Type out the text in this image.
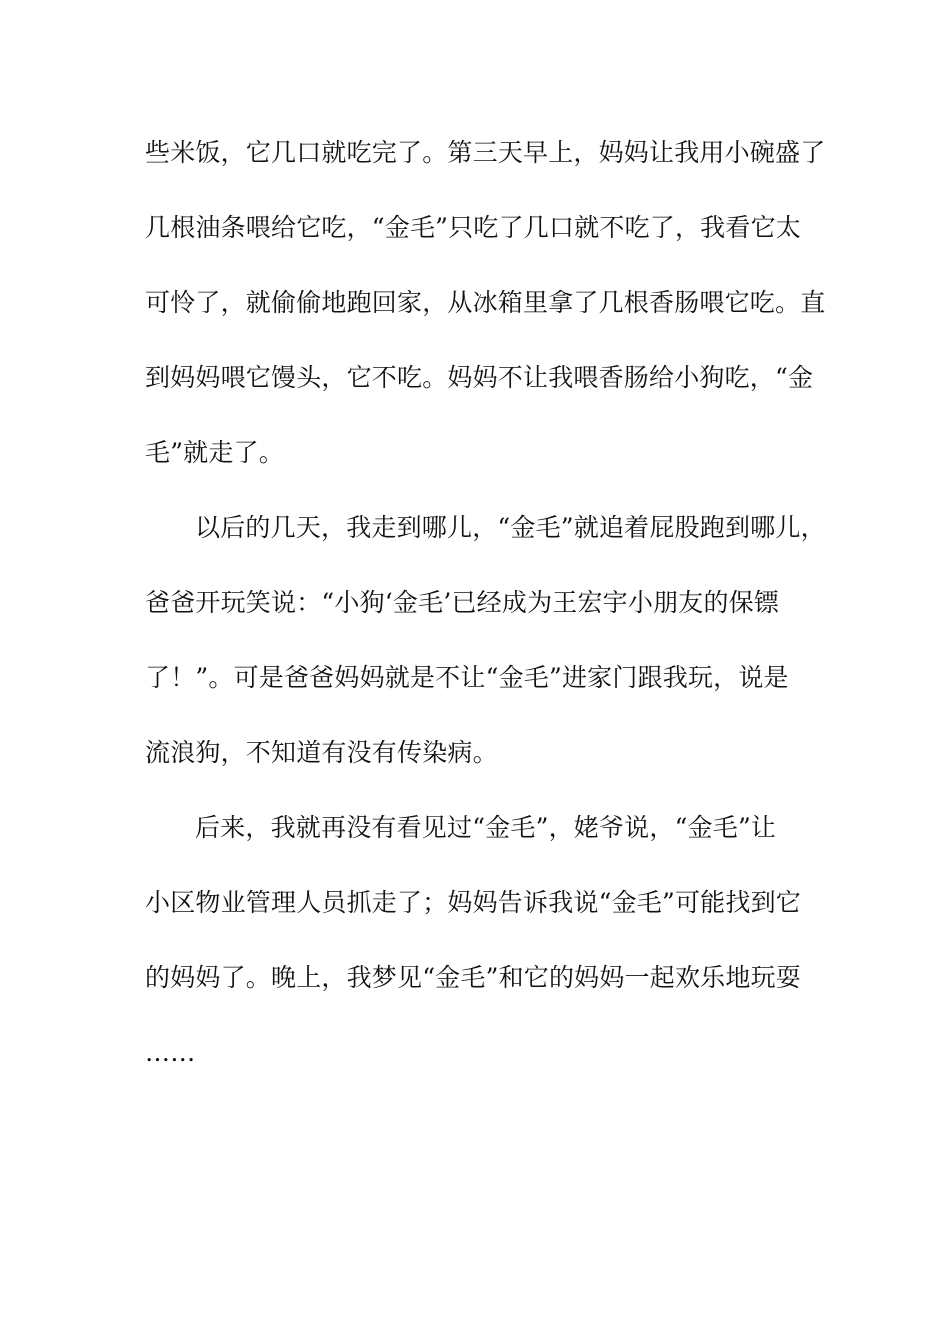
些米饭，它几口就吃完了。第三天早上，妈妈让我用小碗盛了
几根油条喂给它吃，“金毛”只吃了几口就不吃了，我看它太
可怜了，就偷偷地跑回家，从冰箱里拿了几根香肠喂它吃。直
到妈妈喂它馒头，它不吃。妈妈不让我喂香肠给小狗吃，“金
毛”就走了。
以后的几天，我走到哪儿，“金毛”就追着屁股跑到哪儿，
爸爸开玩笑说：“小狗‘金毛’已经成为王宏宇小朋友的保镖
了！”。可是爸爸妈妈就是不让“金毛”进家门跟我玩，说是
流浪狗，不知道有没有传染病。
后来，我就再没有看见过“金毛”，姥爷说，“金毛”让
小区物业管理人员抓走了；妈妈告诉我说“金毛”可能找到它
的妈妈了。晚上，我梦见“金毛”和它的妈妈一起欢乐地玩耍
……
